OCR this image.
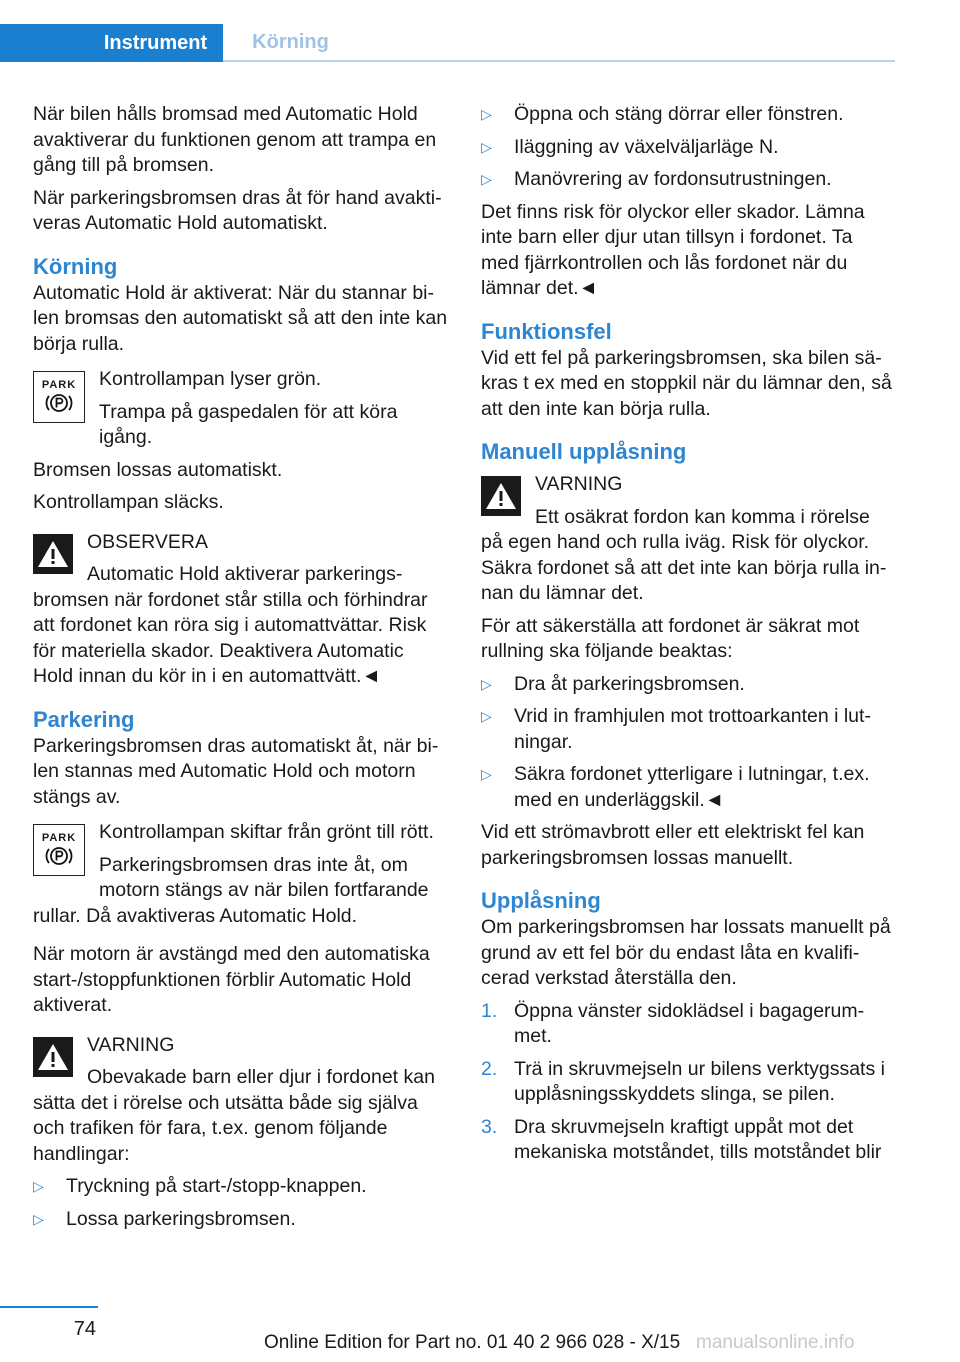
Instrument Körning

När bilen hålls bromsad med Automatic Hold avaktiverar du funktionen genom att trampa en gång till på bromsen.

När parkeringsbromsen dras åt för hand avaktiveras Automatic Hold automatiskt.

Körning

Automatic Hold är aktiverat: När du stannar bilen bromsas den automatiskt så att den inte kan börja rulla.

PARK Kontrollampan lyser grön.

Trampa på gaspedalen för att köra igång.

Bromsen lossas automatiskt.

Kontrollampan släcks.

OBSERVERA

Automatic Hold aktiverar parkeringsbromsen när fordonet står stilla och förhindrar att fordonet kan röra sig i automattvättar. Risk för materiella skador. Deaktivera Automatic Hold innan du kör in i en automattvätt.◄

Parkering

Parkeringsbromsen dras automatiskt åt, när bilen stannas med Automatic Hold och motorn stängs av.

PARK	Kontrollampan skiftar från grönt till rött.

Parkeringsbromsen dras inte åt, om motorn stängs av när bilen fortfarande rullar. Då avaktiveras Automatic Hold.

När motorn är avstängd med den automatiska start-/stoppfunktionen förblir Automatic Hold aktiverat.

VARNING

Obevakade barn eller djur i fordonet kan sätta det i rörelse och utsätta både sig själva och trafiken för fara, t.ex. genom följande handlingar:

▷ Tryckning på start-/stopp-knappen.
▷ Lossa parkeringsbromsen.
▷ Öppna och stäng dörrar eller fönstren.
▷ Iläggning av växelväljarläge N.
▷ Manövrering av fordonsutrustningen.

Det finns risk för olyckor eller skador. Lämna inte barn eller djur utan tillsyn i fordonet. Ta med fjärrkontrollen och lås fordonet när du lämnar det.◄

Funktionsfel

Vid ett fel på parkeringsbromsen, ska bilen säkras t ex med en stoppkil när du lämnar den, så att den inte kan börja rulla.

Manuell upplåsning

VARNING

Ett osäkrat fordon kan komma i rörelse på egen hand och rulla iväg. Risk för olyckor. Säkra fordonet så att det inte kan börja rulla innan du lämnar det.

För att säkerställa att fordonet är säkrat mot rullning ska följande beaktas:

▷ Dra åt parkeringsbromsen.
▷ Vrid in framhjulen mot trottoarkanten i lutningar.
▷ Säkra fordonet ytterligare i lutningar, t.ex. med en underläggskil.◄

Vid ett strömavbrott eller ett elektriskt fel kan parkeringsbromsen lossas manuellt.

Upplåsning

Om parkeringsbromsen har lossats manuellt på grund av ett fel bör du endast låta en kvalificerad verkstad återställa den.

1. Öppna vänster sidoklädsel i bagagerummet.
2. Trä in skruvmejseln ur bilens verktygssats i upplåsningsskyddets slinga, se pilen.
3. Dra skruvmejseln kraftigt uppåt mot det mekaniska motståndet, tills motståndet blir
74
Online Edition for Part no. 01 40 2 966 028 - X/15 manualsonline.info
